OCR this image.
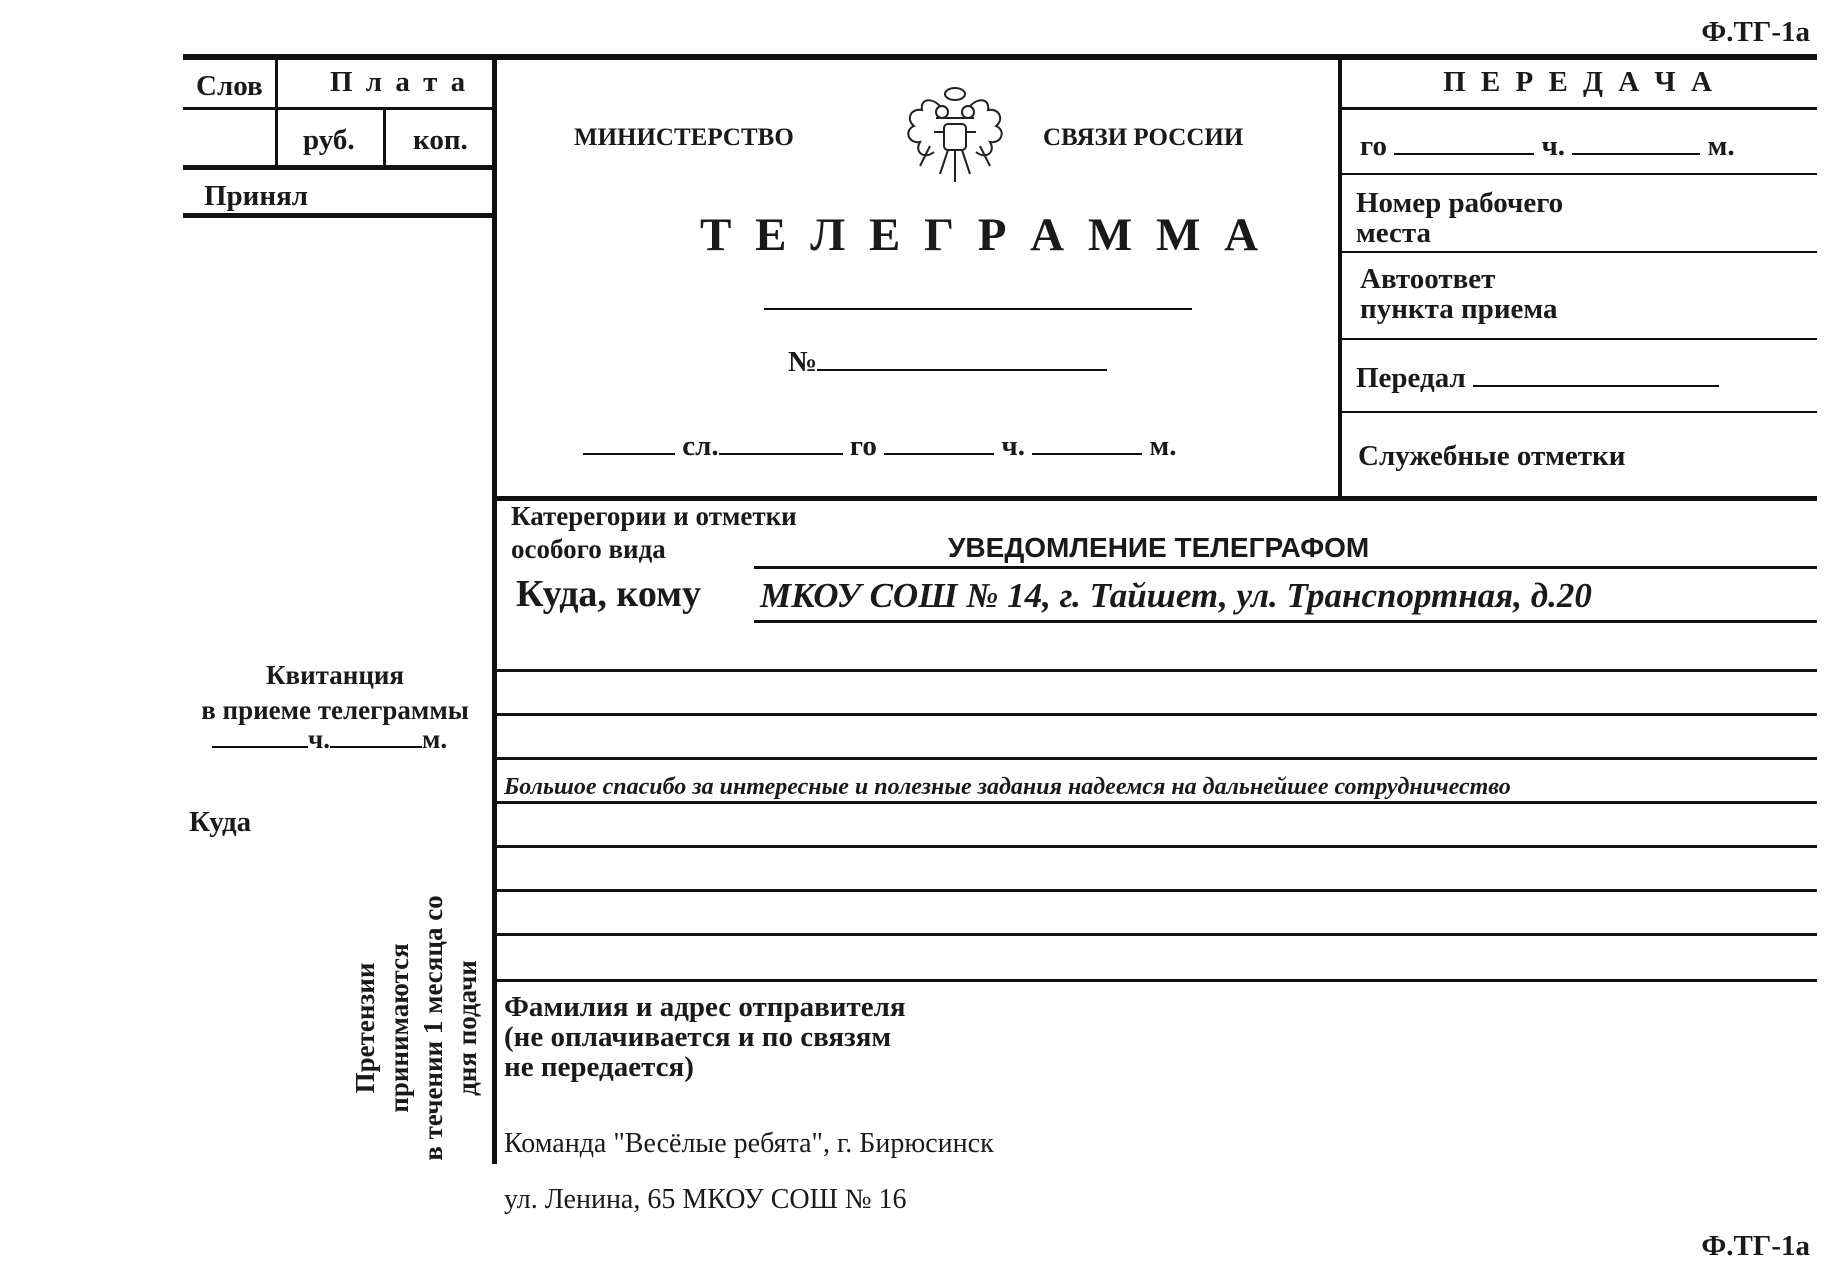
Ф.ТГ-1а
Ф.ТГ-1а
Слов П л а т а
руб. коп.
Принял
Квитанция
в приеме телеграммы
ч.	м.
Куда
Претензии принимаются в течении 1 месяца со дня подачи
МИНИСТЕРСТВО	СВЯЗИ РОССИИ
Т Е Л Е Г Р А М М А
№
сл.	го	ч.	м.
П Е Р Е Д А Ч А
го	ч.	м.
Номер рабочего
места
Автоответ
пункта приема
Передал
Служебные отметки
Катерегории и отметки
особого вида	УВЕДОМЛЕНИЕ ТЕЛЕГРАФОМ
Куда, кому МКОУ СОШ № 14, г. Тайшет, ул. Транспортная, д.20
Большое спасибо за интересные и полезные задания надеемся на дальнейшее сотрудничество
Фамилия и адрес отправителя
(не оплачивается и по связям
не передается)
Команда "Весёлые ребята", г. Бирюсинск
ул. Ленина, 65 МКОУ СОШ № 16
